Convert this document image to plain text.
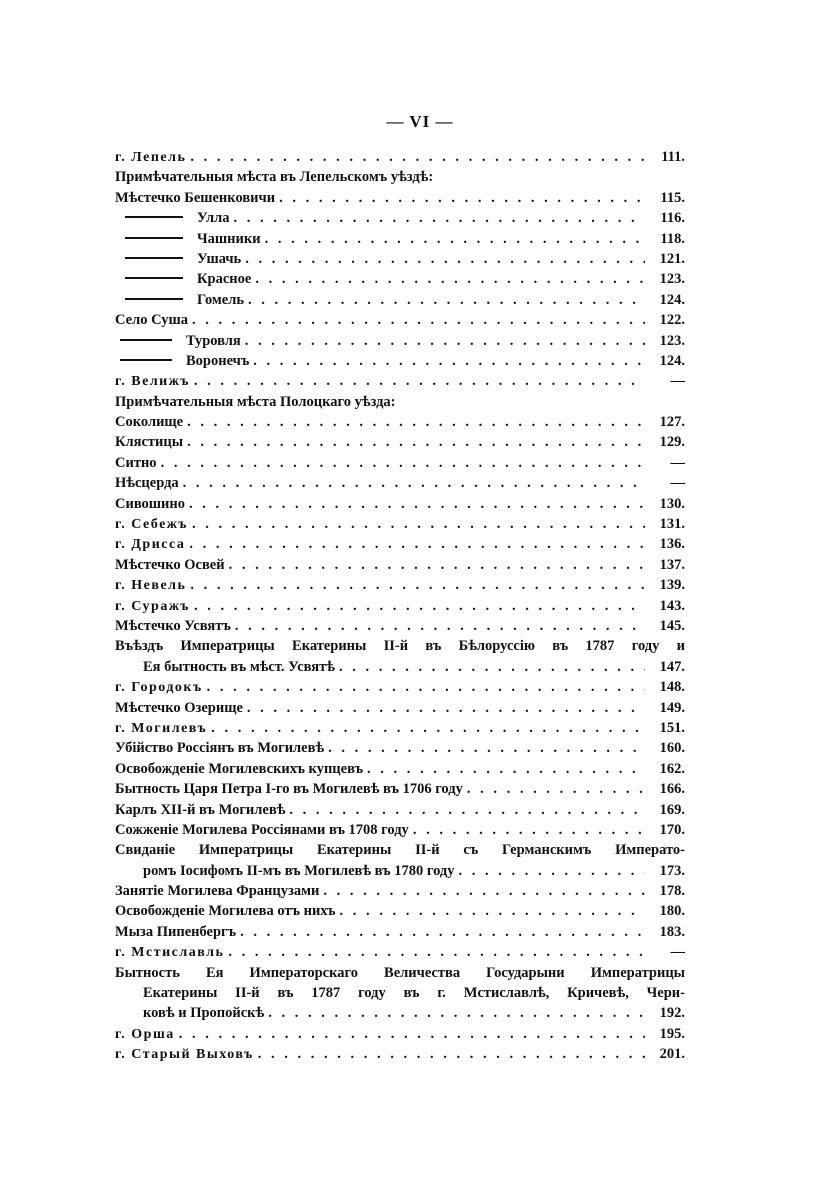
— VI —
г. Лепель . . .	111.
Примѣчательныя мѣста въ Лепельскомъ уѣздѣ:
Мѣстечко Бешенковичи . . .	115.
Улла . . .	116.
Чашники . . .	118.
Ушачь . . .	121.
Красное . . .	123.
Гомель . . .	124.
Село Суша . . .	122.
Туровля . . .	123.
Воронечъ . . .	124.
г. Велижъ . . .	—
Примѣчательныя мѣста Полоцкаго уѣзда:
Соколище . . .	127.
Клястицы . . .	129.
Ситно . . .	—
Нѣсцерда . . .	—
Сивошино . . .	130.
г. Себежъ . . .	131.
г. Дрисса . . .	136.
Мѣстечко Освей . . .	137.
г. Невель . . .	139.
г. Суражъ . . .	143.
Мѣстечко Усвятъ . . .	145.
Въѣздъ Императрицы Екатерины II-й въ Бѣлоруссію въ 1787 году и
Ея бытность въ мѣст. Усвятѣ . . .	147.
г. Городокъ . . .	148.
Мѣстечко Озерище . . .	149.
г. Могилевъ . . .	151.
Убійство Россіянъ въ Могилевѣ . . .	160.
Освобожденіе Могилевскихъ купцевъ . . .	162.
Бытность Царя Петра I-го въ Могилевѣ въ 1706 году . . .	166.
Карлъ XII-й въ Могилевѣ . . .	169.
Сожженіе Могилева Россіянами въ 1708 году . . .	170.
Свиданіе Императрицы Екатерины II-й съ Германскимъ Императо-
ромъ Іосифомъ II-мъ въ Могилевѣ въ 1780 году . . .	173.
Занятіе Могилева Французами . . .	178.
Освобожденіе Могилева отъ нихъ . . .	180.
Мыза Пипенбергъ . . .	183.
г. Мстиславль . . .	—
Бытность Ея Императорскаго Величества Государыни Императрицы
Екатерины II-й въ 1787 году въ г. Мстиславлѣ, Кричевѣ, Чери-
ковѣ и Пропойскѣ . . .	192.
г. Орша . . .	195.
г. Старый Выховъ . . .	201.
